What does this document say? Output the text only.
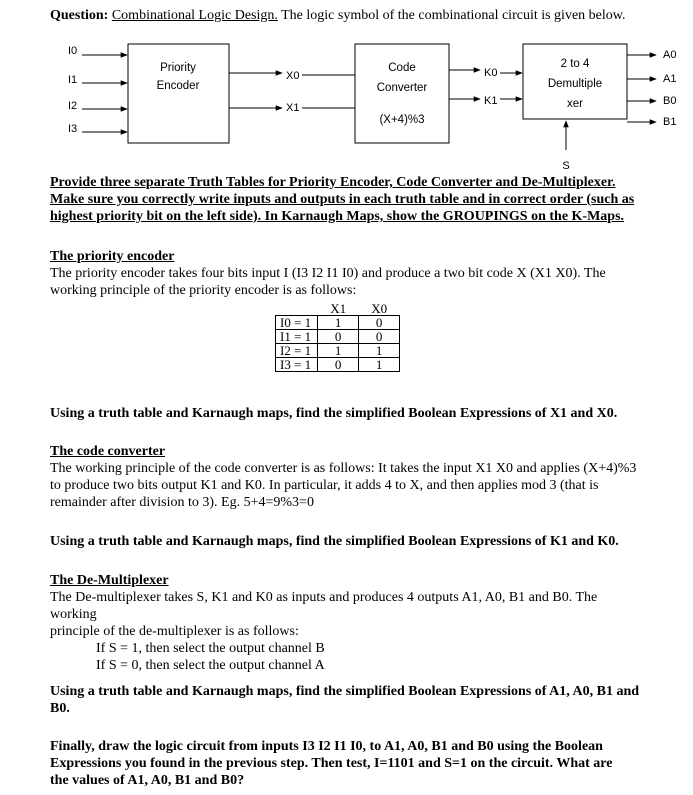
Question: Combinational Logic Design. The logic symbol of the combinational circuit is given below.
I0
I1
I2
I3
Priority
Encoder
X0
X1
Code
Converter
(X+4)%3
K0
K1
2 to 4
Demultiple
xer
A0
A1
B0
B1
S
Provide three separate Truth Tables for Priority Encoder, Code Converter and De-Multiplexer.
Make sure you correctly write inputs and outputs in each truth table and in correct order (such as
highest priority bit on the left side). In Karnaugh Maps, show the GROUPINGS on the K-Maps.
The priority encoder
The priority encoder takes four bits input I (I3 I2 I1 I0) and produce a two bit code X (X1 X0). The
working principle of the priority encoder is as follows:
	X1	X0
I0 = 1	1	0
I1 = 1	0	0
I2 = 1	1	1
I3 = 1	0	1
Using a truth table and Karnaugh maps, find the simplified Boolean Expressions of X1 and X0.
The code converter
The working principle of the code converter is as follows: It takes the input X1 X0 and applies (X+4)%3
to produce two bits output K1 and K0. In particular, it adds 4 to X, and then applies mod 3 (that is
remainder after division to 3). Eg. 5+4=9%3=0
Using a truth table and Karnaugh maps, find the simplified Boolean Expressions of K1 and K0.
The De-Multiplexer
The De-multiplexer takes S, K1 and K0 as inputs and produces 4 outputs A1, A0, B1 and B0. The working
principle of the de-multiplexer is as follows:
If S = 1, then select the output channel B
If S = 0, then select the output channel A
Using a truth table and Karnaugh maps, find the simplified Boolean Expressions of A1, A0, B1 and
B0.
Finally, draw the logic circuit from inputs I3 I2 I1 I0, to A1, A0, B1 and B0 using the Boolean
Expressions you found in the previous step. Then test, I=1101 and S=1 on the circuit. What are
the values of A1, A0, B1 and B0?
